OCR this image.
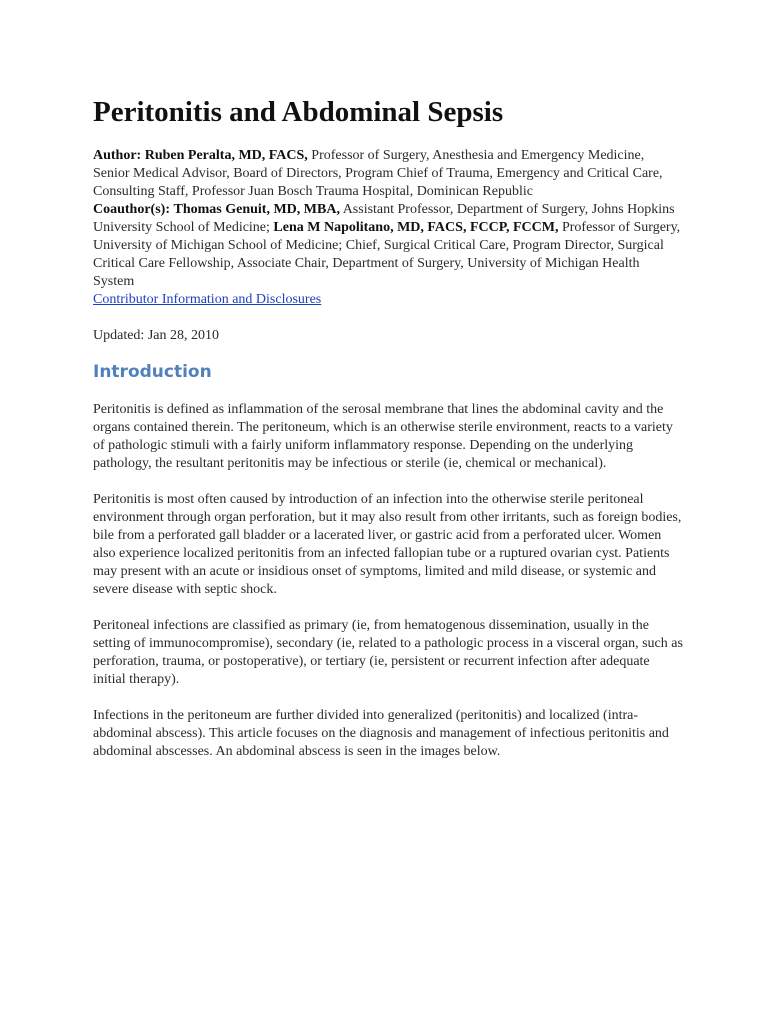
Peritonitis and Abdominal Sepsis

Author: Ruben Peralta, MD, FACS, Professor of Surgery, Anesthesia and Emergency Medicine, Senior Medical Advisor, Board of Directors, Program Chief of Trauma, Emergency and Critical Care, Consulting Staff, Professor Juan Bosch Trauma Hospital, Dominican Republic

Coauthor(s): Thomas Genuit, MD, MBA, Assistant Professor, Department of Surgery, Johns Hopkins University School of Medicine; Lena M Napolitano, MD, FACS, FCCP, FCCM, Professor of Surgery, University of Michigan School of Medicine; Chief, Surgical Critical Care, Program Director, Surgical Critical Care Fellowship, Associate Chair, Department of Surgery, University of Michigan Health System

Contributor Information and Disclosures

Updated: Jan 28, 2010

Introduction

Peritonitis is defined as inflammation of the serosal membrane that lines the abdominal cavity and the organs contained therein. The peritoneum, which is an otherwise sterile environment, reacts to a variety of pathologic stimuli with a fairly uniform inflammatory response. Depending on the underlying pathology, the resultant peritonitis may be infectious or sterile (ie, chemical or mechanical).

Peritonitis is most often caused by introduction of an infection into the otherwise sterile peritoneal environment through organ perforation, but it may also result from other irritants, such as foreign bodies, bile from a perforated gall bladder or a lacerated liver, or gastric acid from a perforated ulcer. Women also experience localized peritonitis from an infected fallopian tube or a ruptured ovarian cyst. Patients may present with an acute or insidious onset of symptoms, limited and mild disease, or systemic and severe disease with septic shock.

Peritoneal infections are classified as primary (ie, from hematogenous dissemination, usually in the
setting of immunocompromise), secondary (ie, related to a pathologic process in a visceral organ, such as perforation, trauma, or postoperative), or tertiary (ie, persistent or recurrent infection after adequate initial therapy).

Infections in the peritoneum are further divided into generalized (peritonitis) and localized (intra-abdominal abscess). This article focuses on the diagnosis and management of infectious peritonitis and abdominal abscesses. An abdominal abscess is seen in the images below.
